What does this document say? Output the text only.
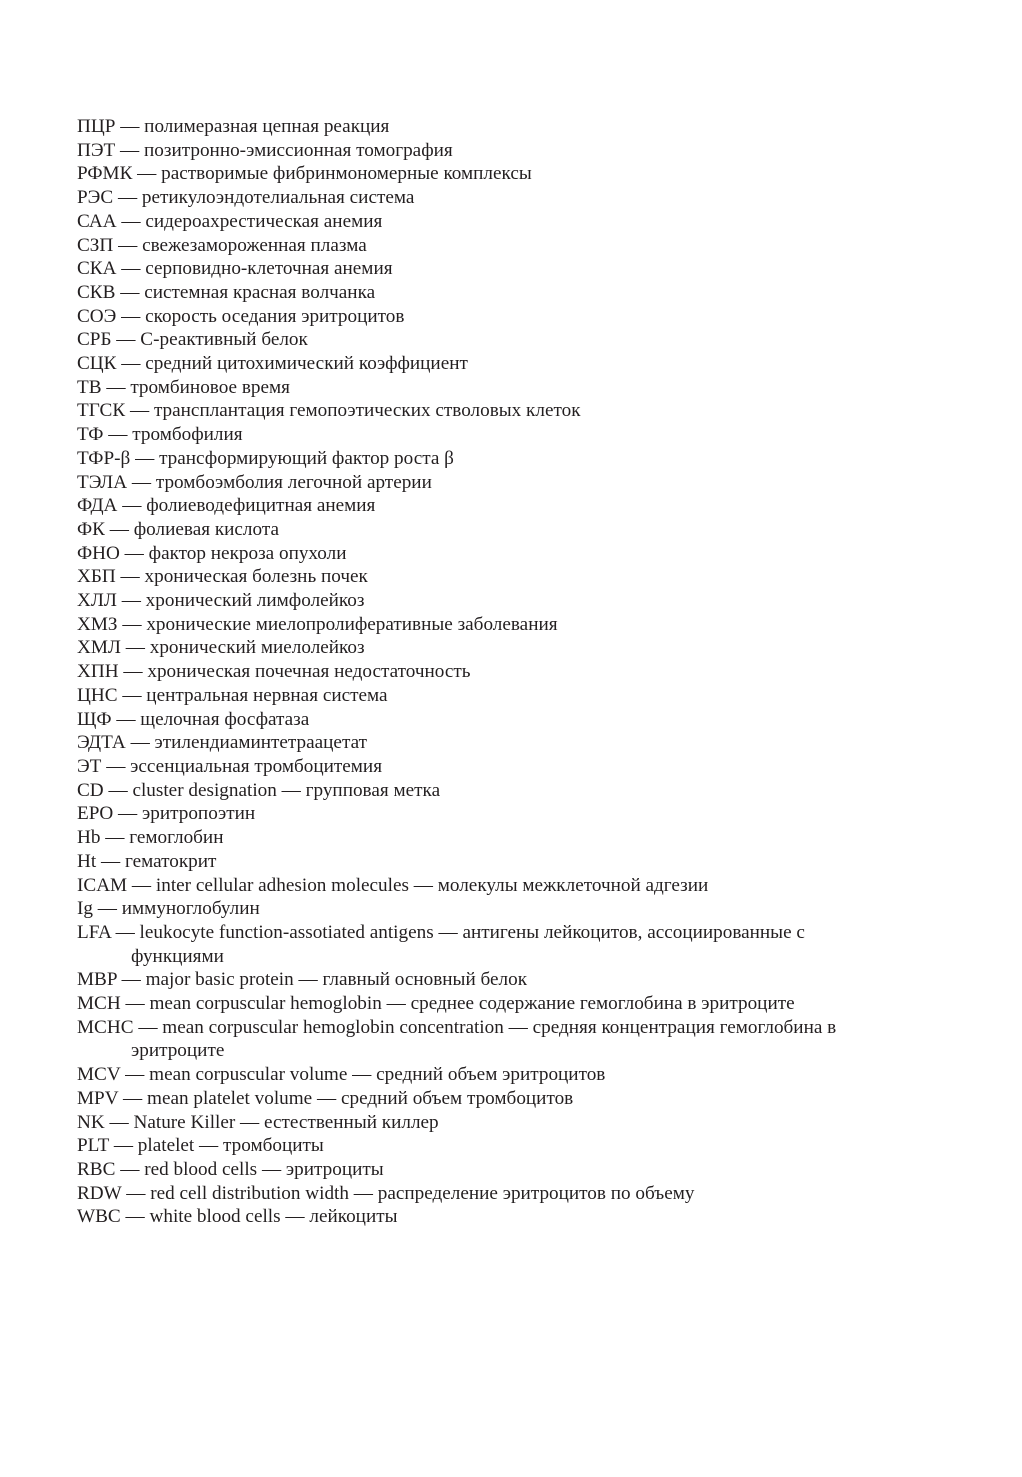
ПЦР — полимеразная цепная реакция
ПЭТ — позитронно-эмиссионная томография
РФМК — растворимые фибринмономерные комплексы
РЭС — ретикулоэндотелиальная система
САА — сидероахрестическая анемия
СЗП — свежезамороженная плазма
СКА — серповидно-клеточная анемия
СКВ — системная красная волчанка
СОЭ — скорость оседания эритроцитов
СРБ — С-реактивный белок
СЦК — средний цитохимический коэффициент
ТВ — тромбиновое время
ТГСК — трансплантация гемопоэтических стволовых клеток
ТФ — тромбофилия
ТФР-β — трансформирующий фактор роста β
ТЭЛА — тромбоэмболия легочной артерии
ФДА — фолиеводефицитная анемия
ФК — фолиевая кислота
ФНО — фактор некроза опухоли
ХБП — хроническая болезнь почек
ХЛЛ — хронический лимфолейкоз
ХМЗ — хронические миелопролиферативные заболевания
ХМЛ — хронический миелолейкоз
ХПН — хроническая почечная недостаточность
ЦНС — центральная нервная система
ЩФ — щелочная фосфатаза
ЭДТА — этилендиаминтетраацетат
ЭТ — эссенциальная тромбоцитемия
CD — cluster designation — групповая метка
EPO — эритропоэтин
Hb — гемоглобин
Ht — гематокрит
ICAM — inter cellular adhesion molecules — молекулы межклеточной адгезии
Ig — иммуноглобулин
LFA — leukocyte function-assotiated antigens — антигены лейкоцитов, ассоциированные с функциями
MBP — major basic protein — главный основный белок
MCH — mean corpuscular hemoglobin — среднее содержание гемоглобина в эритроците
MCHC — mean corpuscular hemoglobin concentration — средняя концентрация гемоглобина в эритроците
MCV — mean corpuscular volume — средний объем эритроцитов
MPV — mean platelet volume — средний объем тромбоцитов
NK — Nature Killer — естественный киллер
PLT — platelet — тромбоциты
RBC — red blood cells — эритроциты
RDW — red cell distribution width — распределение эритроцитов по объему
WBC — white blood cells — лейкоциты
